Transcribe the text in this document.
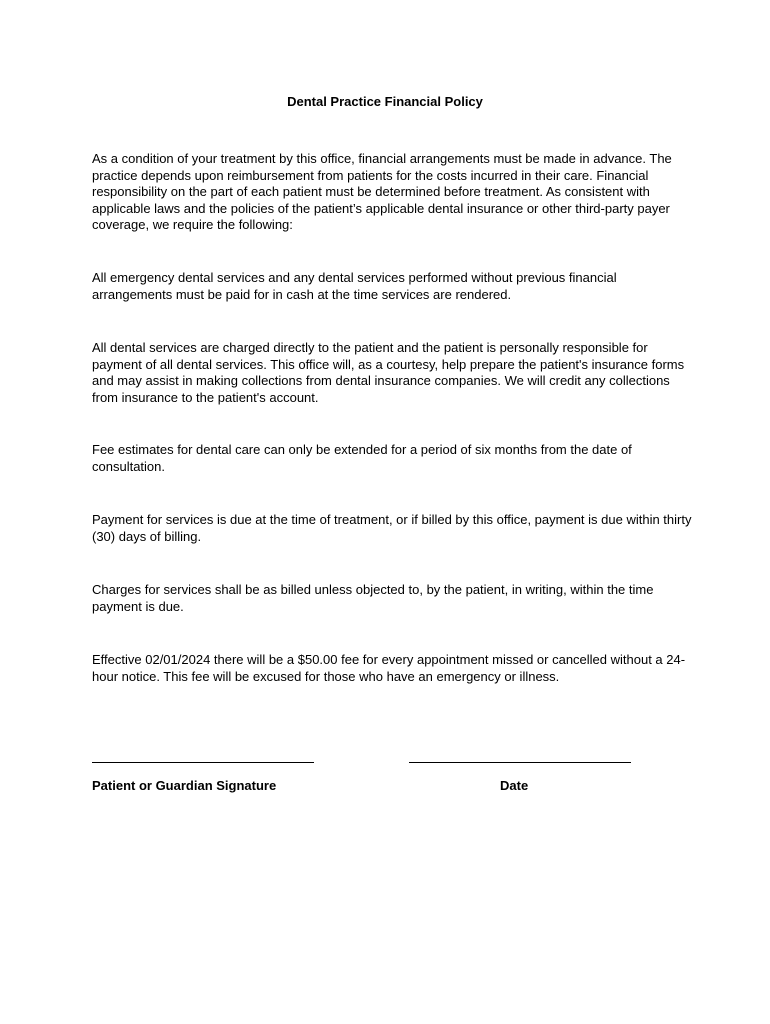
Dental Practice Financial Policy

As a condition of your treatment by this office, financial arrangements must be made in advance. The practice depends upon reimbursement from patients for the costs incurred in their care. Financial responsibility on the part of each patient must be determined before treatment. As consistent with applicable laws and the policies of the patient’s applicable dental insurance or other third-party payer coverage, we require the following:

All emergency dental services and any dental services performed without previous financial arrangements must be paid for in cash at the time services are rendered.

All dental services are charged directly to the patient and the patient is personally responsible for payment of all dental services. This office will, as a courtesy, help prepare the patient's insurance forms and may assist in making collections from dental insurance companies. We will credit any collections from insurance to the patient's account.

Fee estimates for dental care can only be extended for a period of six months from the date of consultation.

Payment for services is due at the time of treatment, or if billed by this office, payment is due within thirty (30) days of billing.

Charges for services shall be as billed unless objected to, by the patient, in writing, within the time payment is due.

Effective 02/01/2024 there will be a $50.00 fee for every appointment missed or cancelled without a 24-hour notice. This fee will be excused for those who have an emergency or illness.

Patient or Guardian Signature	Date
